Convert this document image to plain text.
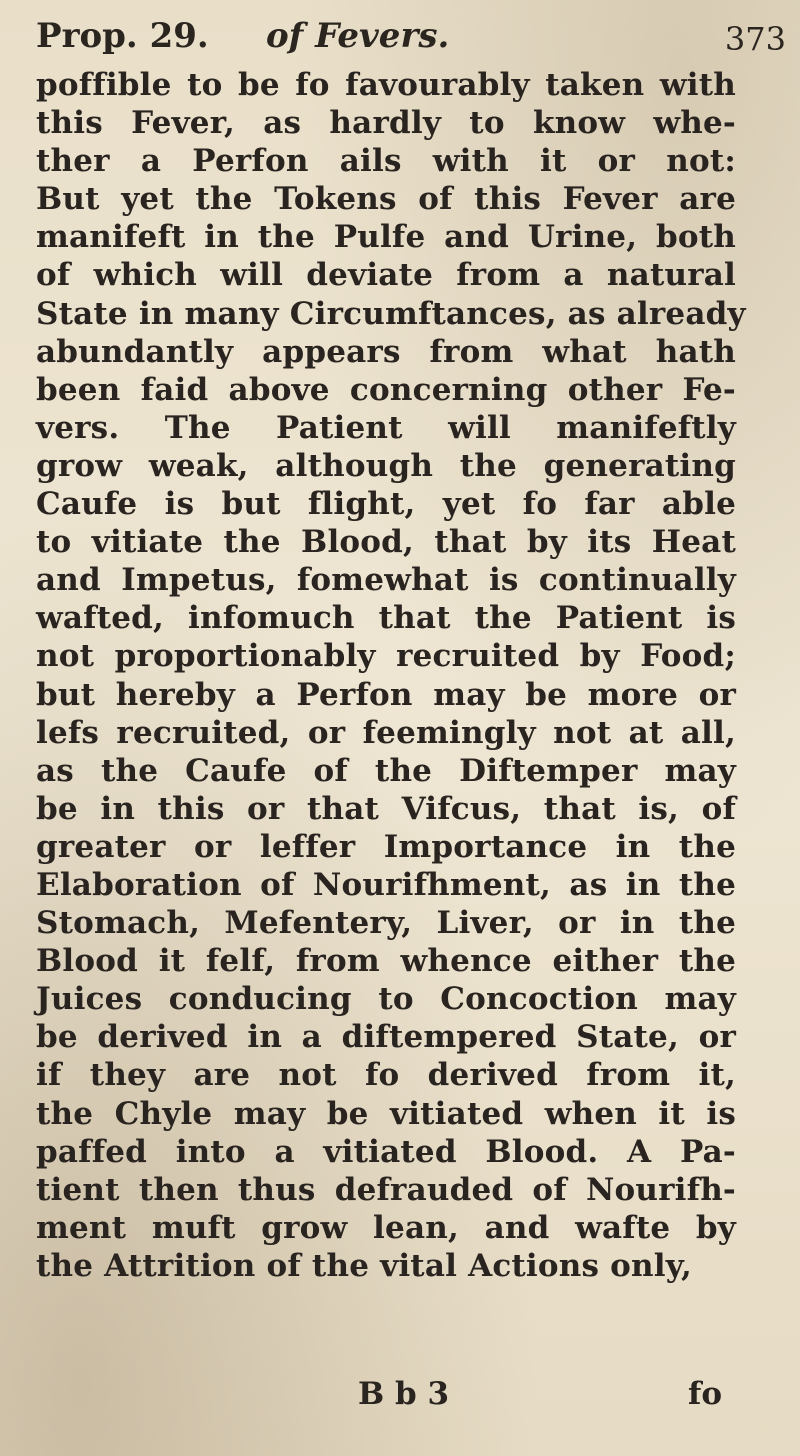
Prop. 29. of Fevers.	373
poffible to be fo favourably taken with
this Fever, as hardly to know whe-
ther a Perfon ails with it or not:
But yet the Tokens of this Fever are
manifeft in the Pulfe and Urine, both
of which will deviate from a natural
State in many Circumftances, as already
abundantly appears from what hath
been faid above concerning other Fe-
vers. The Patient will manifeftly
grow weak, although the generating
Caufe is but flight, yet fo far able
to vitiate the Blood, that by its Heat
and Impetus, fomewhat is continually
wafted, infomuch that the Patient is
not proportionably recruited by Food;
but hereby a Perfon may be more or
lefs recruited, or feemingly not at all,
as the Caufe of the Diftemper may
be in this or that Vifcus, that is, of
greater or leffer Importance in the
Elaboration of Nourifhment, as in the
Stomach, Mefentery, Liver, or in the
Blood it felf, from whence either the
Juices conducing to Concoction may
be derived in a diftempered State, or
if they are not fo derived from it,
the Chyle may be vitiated when it is
paffed into a vitiated Blood. A Pa-
tient then thus defrauded of Nourifh-
ment muft grow lean, and wafte by
the Attrition of the vital Actions only,
B b 3	fo
